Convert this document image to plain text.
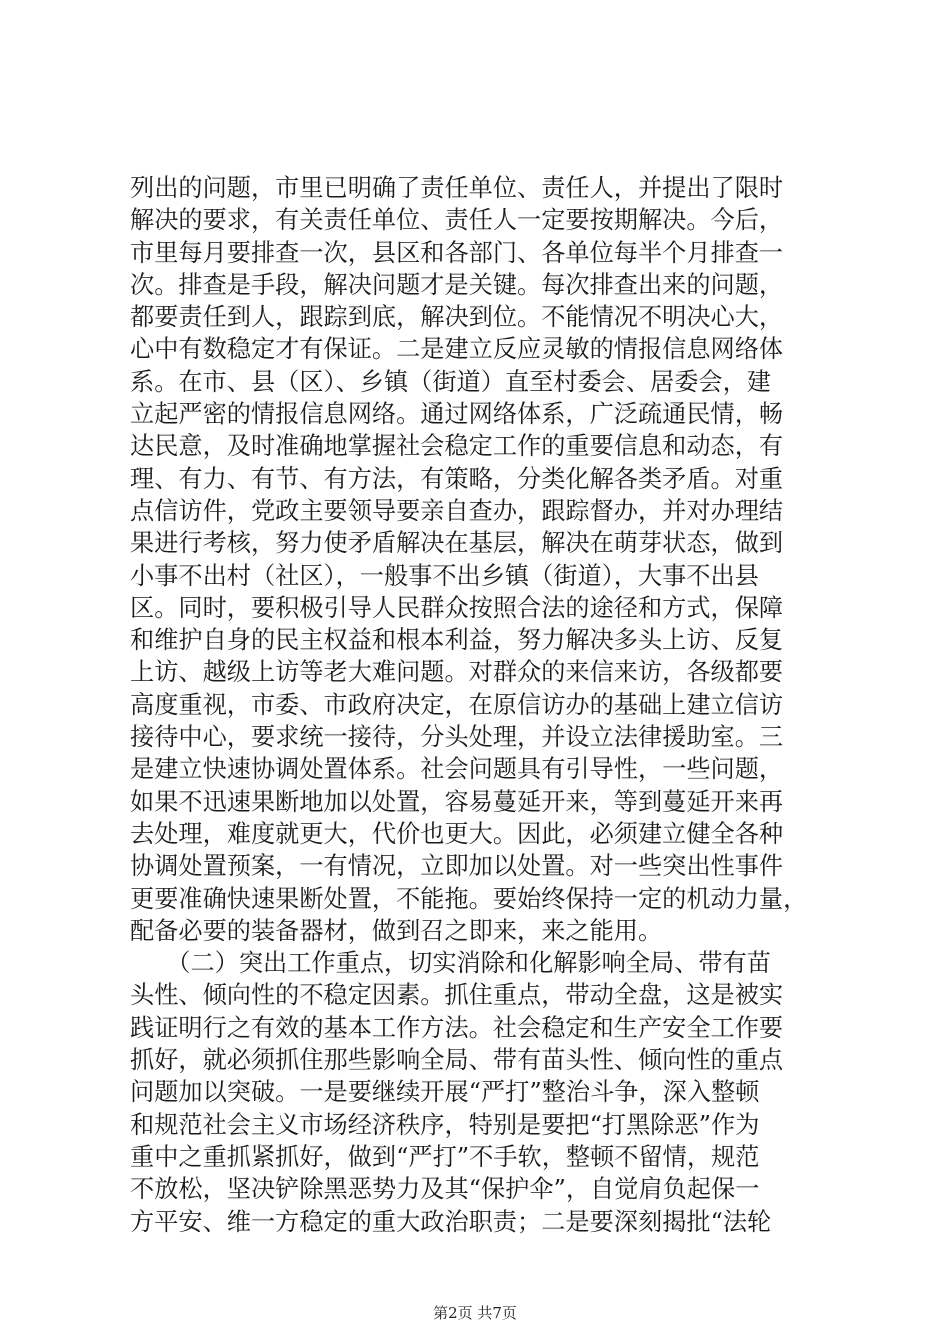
列出的问题，市里已明确了责任单位、责任人，并提出了限时
解决的要求，有关责任单位、责任人一定要按期解决。今后，
市里每月要排查一次，县区和各部门、各单位每半个月排查一
次。排查是手段，解决问题才是关键。每次排查出来的问题，
都要责任到人，跟踪到底，解决到位。不能情况不明决心大，
心中有数稳定才有保证。二是建立反应灵敏的情报信息网络体
系。在市、县（区）、乡镇（街道）直至村委会、居委会，建
立起严密的情报信息网络。通过网络体系，广泛疏通民情，畅
达民意，及时准确地掌握社会稳定工作的重要信息和动态，有
理、有力、有节、有方法，有策略，分类化解各类矛盾。对重
点信访件，党政主要领导要亲自查办，跟踪督办，并对办理结
果进行考核，努力使矛盾解决在基层，解决在萌芽状态，做到
小事不出村（社区），一般事不出乡镇（街道），大事不出县
区。同时，要积极引导人民群众按照合法的途径和方式，保障
和维护自身的民主权益和根本利益，努力解决多头上访、反复
上访、越级上访等老大难问题。对群众的来信来访，各级都要
高度重视，市委、市政府决定，在原信访办的基础上建立信访
接待中心，要求统一接待，分头处理，并设立法律援助室。三
是建立快速协调处置体系。社会问题具有引导性，一些问题，
如果不迅速果断地加以处置，容易蔓延开来，等到蔓延开来再
去处理，难度就更大，代价也更大。因此，必须建立健全各种
协调处置预案，一有情况，立即加以处置。对一些突出性事件
更要准确快速果断处置，不能拖。要始终保持一定的机动力量，
配备必要的装备器材，做到召之即来，来之能用。
　　（二）突出工作重点，切实消除和化解影响全局、带有苗
头性、倾向性的不稳定因素。抓住重点，带动全盘，这是被实
践证明行之有效的基本工作方法。社会稳定和生产安全工作要
抓好，就必须抓住那些影响全局、带有苗头性、倾向性的重点
问题加以突破。一是要继续开展“严打”整治斗争，深入整顿
和规范社会主义市场经济秩序，特别是要把“打黑除恶”作为
重中之重抓紧抓好，做到“严打”不手软，整顿不留情，规范
不放松，坚决铲除黑恶势力及其“保护伞”，自觉肩负起保一
方平安、维一方稳定的重大政治职责；二是要深刻揭批“法轮
第2页 共7页
